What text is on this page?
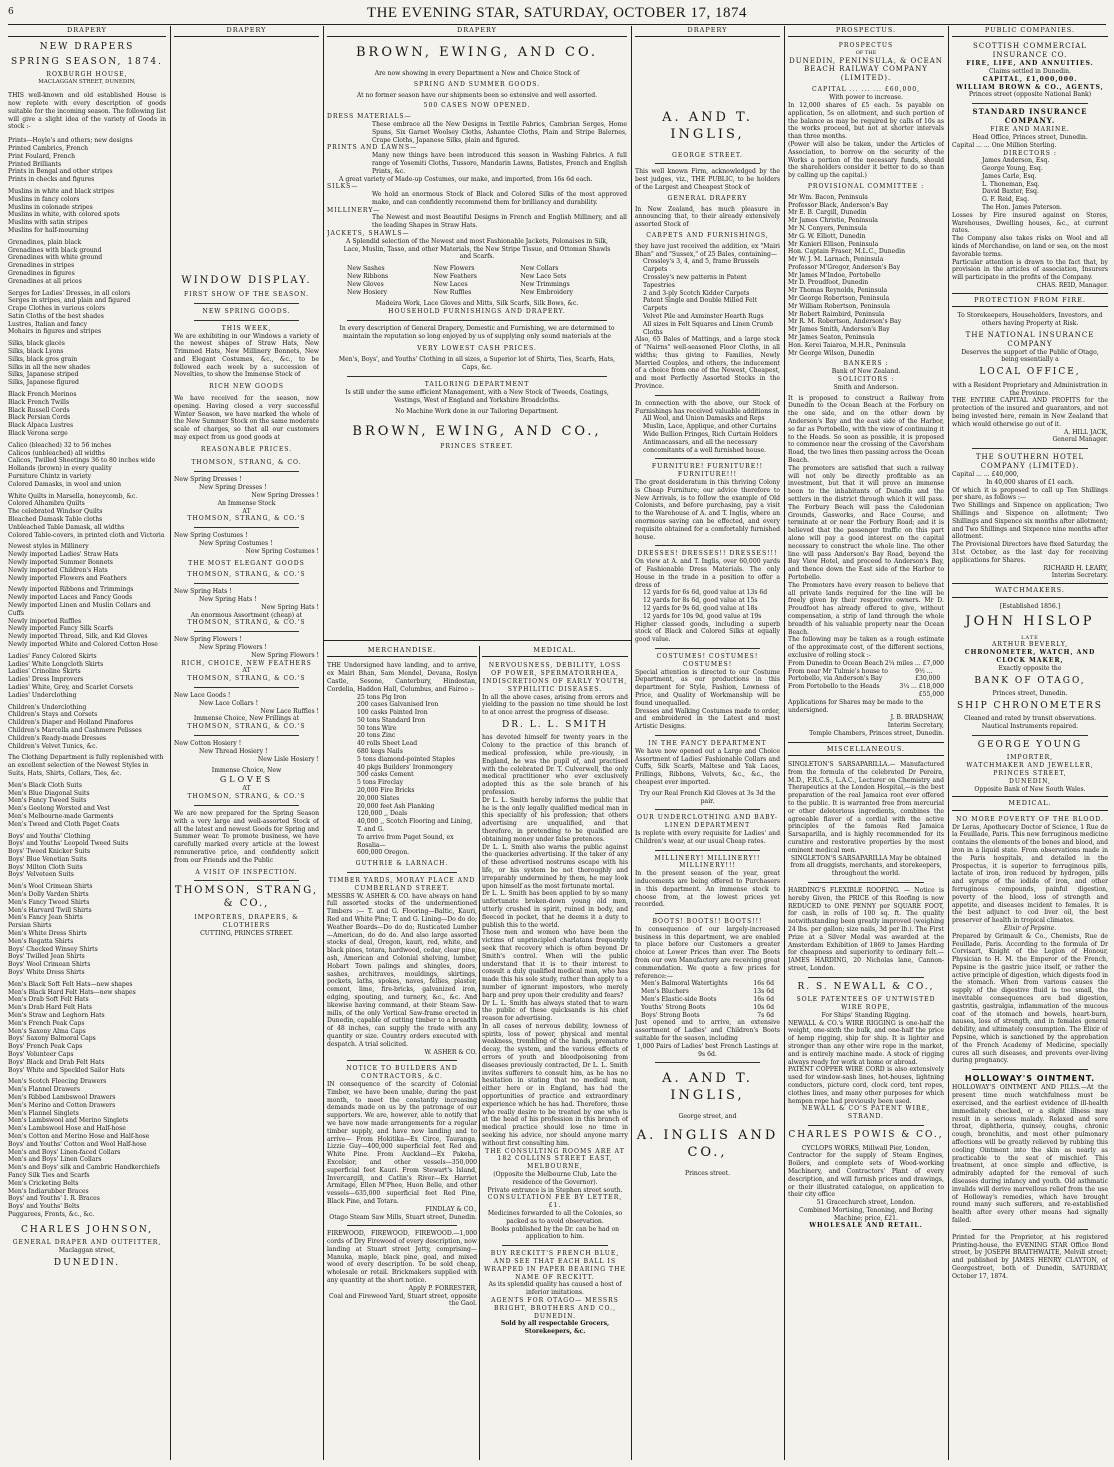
THE EVENING STAR, SATURDAY, OCTOBER 17, 1874
6
DRAPERY
NEW DRAPERS
SPRING SEASON, 1874.
ROXBURGH HOUSE,
MACLAGGAN STREET, DUNEDIN,

THIS well-known and old established House is now replete with every description of goods suitable for the incoming season. The following list will give a slight idea of the variety of Goods in stock :-

Prints—Hoyle's and others; new designs

Printed Cambrics, French

Print Foulard, French

Printed Brilliants

Prints in Bengal and other stripes

Prints in checks and figures

Muslins in white and black stripes

Muslins in fancy colors

Muslins in colonade stripes

Muslins in white, with colored spots

Muslins with satin stripes

Muslins for half-mourning

Grenadines, plain black

Grenadines with black ground

Grenadines with white ground

Grenadines in stripes

Grenadines in figures

Grenadines at all prices

Serges for Ladies' Dresses, in all colors

Serges in stripes, and plain and figured

Crape Clothes in various colors

Satin Cloths of the best shades

Lustres, Italian and fancy

Mohairs in figures and stripes

Silks, black glacés

Silks, black Lyons

Silks, black gros grain

Silks in all the new shades

Silks, Japanese striped

Silks, Japanese figured

Black French Merinos

Black French Twills

Black Russell Cords

Black Persian Cords

Black Alpaca Lustres

Black Verona serge

Calico (bleached) 32 to 56 inches

Calicos (unbleached) all widths

Calicos, Twilled Sheetings 36 to 80 inches wide

Hollands (brown) in every quality

Furniture Chintz in variety

Colored Damasks, in wool and union

White Quilts in Marsella, honeycomb, &c.

Colored Alhambra Quilts

The celebrated Windsor Quilts

Bleached Damask Table cloths

Unbleached Table Damask, all widths

Colored Table-covers, in printed cloth and Victoria

Newest styles in Millinery

Newly imported Ladies' Straw Hats

Newly imported Summer Bonnets

Newly imported Children's Hats

Newly imported Flowers and Feathers

Newly imported Ribbons and Trimmings

Newly imported Laces and Fancy Goods

Newly imported Linen and Muslin Collars and Cuffs

Newly imported Ruffles

Newly imported Fancy Silk Scarfs

Newly imported Thread, Silk, and Kid Gloves

Newly imported White and Colored Cotton Hose

Ladies' Fancy Colored Skirts

Ladies' White Longcloth Skirts

Ladies' Crinoline Skirts

Ladies' Dress Improvers

Ladies' White, Grey, and Scarlet Corsets

Ladies' Underclothing

Children's Underclothing

Children's Stays and Corsets

Children's Diaper and Holland Pinafores

Children's Marcella and Cashmere Pelisses

Children's Ready-made Dresses

Children's Velvet Tunics, &c.

The Clothing Department is fully replenished with an excellent selection of the Newest Styles in Suits, Hats, Shirts, Collars, Ties, &c.

Men's Black Cloth Suits

Men's Blue Diagonal Suits

Men's Fancy Tweed Suits

Men's Geelong Worsted and Vest

Men's Melbourne-made Garments

Men's Tweed and Cloth Paget Coats

Boys' and Youths' Clothing

Boys' and Youths' Leopold Tweed Suits

Boys' Tweed Knicker Suits

Boys' Blue Venetian Suits

Boys' Milton Cloth Suits

Boys' Velveteen Suits

Men's Wool Crimean Shirts

Men's Dolly Varden Shirts

Men's Fancy Tweed Shirts

Men's Harvard Twill Shirts

Men's Fancy Jean Shirts

Persian Shirts

Men's White Dress Shirts

Men's Regatta Shirts

Boys' Checked Winsey Shirts

Boys' Twilled Jean Shirts

Boys' Wool Crimean Shirts

Boys' White Dress Shirts

Men's Black Soft Felt Hats—new shapes

Men's Black Hard Felt Hats—new shapes

Men's Drab Soft Felt Hats

Men's Drab Hard Felt Hats

Men's Straw and Leghorn Hats

Men's French Peak Caps

Men's Saxony Alma Caps

Boys' Saxony Balmoral Caps

Boys' French Peak Caps

Boys' Volunteer Caps

Boys' Black and Drab Felt Hats

Boys' White and Speckled Sailor Hats

Men's Scotch Fleecing Drawers

Men's Flannel Drawers

Men's Ribbed Lambswool Drawers

Men's Merino and Cotton Drawers

Men's Flannel Singlets

Men's Lambswool and Merino Singlets

Men's Lambswool Hose and Half-hose

Men's Cotton and Merino Hose and Half-hose

Boys' and Youths' Cotton and Wool Half-hose

Men's and Boys' Linen-faced Collars

Men's and Boys' Linen Collars

Men's and Boys' silk and Cambric Handkerchiefs

Fancy Silk Ties and Scarfs

Men's Cricketing Belts

Men's Indiarubber Braces

Boys' and Youths' I. R. Braces

Boys' and Youths' Belts

Puggarees, Fronts, &c., &c.

CHARLES JOHNSON,
GENERAL DRAPER AND OUTFITTER,
Maclaggan street,
DUNEDIN.
DRAPERY
WINDOW DISPLAY.
FIRST SHOW OF THE SEASON.
NEW SPRING GOODS.
THIS WEEK,

We are exhibiting in our Windows a variety of the newest shapes of Straw Hats, New Trimmed Hats, New Millinery Bonnets, New and Elegant Costumes, &c., &c., to be followed each week by a succession of Novelties, to show the Immense Stock of

RICH NEW GOODS

We have received for the season, now opening. Having closed a very successful Winter Season, we have marked the whole of the New Summer Stock on the same moderate scale of charges, so that all our customers may expect from us good goods at

REASONABLE PRICES.
THOMSON, STRANG, & CO.

New Spring Dresses !

New Spring Dresses !

New Spring Dresses !

An Immense Stock
AT
THOMSON, STRANG, & CO.'S

New Spring Costumes !

New Spring Costumes !

New Spring Costumes !

THE MOST ELEGANT GOODS
THOMSON, STRANG, & CO.'S

New Spring Hats !

New Spring Hats !

New Spring Hats !

An enormous Assortment (cheap) at
THOMSON, STRANG, & CO.'S

New Spring Flowers !

New Spring Flowers !

New Spring Flowers !

RICH, CHOICE, NEW FEATHERS
AT
THOMSON, STRANG, & CO.'S

New Lace Goods !

New Lace Collars !

New Lace Ruffles !

Immense Choice, New Frillings at
THOMSON, STRANG, & CO.'S

New Cotton Hosiery !

New Thread Hosiery !

New Lisle Hosiery !

Immense Choice, New
GLOVES
AT
THOMSON, STRANG, & CO.'S

We are now prepared for the Spring Season with a very large and well-assorted Stock of all the latest and newest Goods for Spring and Summer wear. To promote business, we have carefully marked every article at the lowest remunerative price, and confidently solicit from our Friends and the Public

A VISIT OF INSPECTION.
THOMSON, STRANG, & CO.,
IMPORTERS, DRAPERS, & CLOTHIERS
CUTTING, PRINCES STREET.
DRAPERY
BROWN, EWING, AND CO.
Are now showing in every Department a New and Choice Stock of
SPRING AND SUMMER GOODS.
At no former season have our shipments been so extensive and well assorted.
500 CASES NOW OPENED.

DRESS MATERIALS—

These embrace all the New Designs in Textile Fabrics, Cambrian Serges, Home Spuns, Six Garnet Woolsey Cloths, Ashantee Cloths, Plain and Stripe Balernes, Crape Cloths, Japanese Silks, plain and figured.

PRINTS AND LAWNS—

Many new things have been introduced this season in Washing Fabrics. A full range of Yosemiti Cloths, Tussore, Mandarin Lawns, Batistes, French and English Prints, &c.

A great variety of Made-up Costumes, our make, and imported, from 16s 6d each.

SILKS—

We hold an enormous Stock of Black and Colored Silks of the most approved make, and can confidently recommend them for brilliancy and durability.

MILLINERY—

The Newest and most Beautiful Designs in French and English Millinery, and all the leading Shapes in Straw Hats.

JACKETS, SHAWLS—

A Splendid selection of the Newest and most Fashionable Jackets, Polonaises in Silk, Lace, Muslin, Tasso, and other Materials, the New Stripe Tissue, and Ottoman Shawls and Scarfs.

New Sashes	New Flowers	New Collars
New Ribbons	New Feathers	New Lace Sets
New Gloves	New Laces	New Trimmings
New Hosiery	New Ruffles	New Embroidery
Madeira Work, Lace Gloves and Mitts, Silk Scarfs, Silk Bows, &c.
HOUSEHOLD FURNISHINGS AND DRAPERY.

In every description of General Drapery, Domestic and Furnishing, we are determined to maintain the reputation so long enjoyed by us of supplying only sound materials at the

VERY LOWEST CASH PRICES.
Men's, Boys', and Youths' Clothing in all sizes, a Superior lot of Shirts, Ties, Scarfs, Hats, Caps, &c.
TAILORING DEPARTMENT
Is still under the same efficient Management, with a New Stock of Tweeds, Coatings, Vestings, West of England and Yorkshire Broadcloths.
No Machine Work done in our Tailoring Department.
BROWN, EWING, AND CO.,
PRINCES STREET.
MERCHANDISE.

THE Undersigned have landing, and to arrive, ex Mairi Bhan, Sam Mendel, Devana, Roslyn Castle, Sesone, Canterbury, Hindostan, Cordelia, Haddon Hall, Columbus, and Fairoo :-

25 tons Pig Iron

200 cases Galvanised Iron

100 casks Painted Iron

50 tons Standard Iron

50 tons Wire

20 tons Zinc

40 rolls Sheet Lead

680 kegs Nails

5 tons diamond-pointed Staples

40 pkgs Builders' Ironmongery

500 casks Cement

5 tons Fireclay

20,000 Fire Bricks

20,000 Slates

20,000 feet Ash Planking

120,000 ,, Deals

40,000 ,, Scotch Flooring and Lining, T. and G.

To arrive from Puget Sound, ex Rosalia—

600,000 Oregon.

GUTHRIE & LARNACH.
TIMBER YARDS, MORAY PLACE AND CUMBERLAND STREET.

MESSRS W. ASHER & CO. have always on hand full assorted stocks of the undermentioned Timbers :— T. and G. Flooring—Baltic, Kauri, Red and White Pine; T. and G. Lining—Do do do; Weather Boards—Do do do; Rusticated Lumber—American, do do do. And also large assorted stocks of deal, Oregon, kauri, red, white, and black pines, totara, hardwood, cedar, clear pine, ash, American and Colonial shelving, lumber, Hobart Town palings and shingles, doors, sashes, architraves, mouldings, skirtings, pockets, laths, spokes, naves, fellies, plaster, cement, lime, fire-bricks, galvanized iron, edging, spouting, and turnery, &c., &c. And likewise having command, at their Steam Saw-mills, of the only Vertical Saw-frame erected in Dunedin, capable of cutting timber to a breadth of 48 inches, can supply the trade with any quantity or size. Country orders executed with despatch. A trial solicited.

W. ASHER & CO.
NOTICE TO BUILDERS AND CONTRACTORS, &C.

IN consequence of the scarcity of Colonial Timber, we have been unable, during the past month, to meet the constantly increasing demands made on us by the patronage of our supporters. We are, however, able to notify that we have now made arrangements for a regular timber supply, and have now landing and to arrive— From Hokitika—Ex Circe, Tauranga, Lizzie Guy—400,000 superficial feet Red and White Pine. From Auckland—Ex Pakeha, Excelsior, and other vessels—350,000 superficial feet Kauri. From Stewart's Island, Invercargill, and Catlin's River—Ex Harriet Armitage, Ellen M'Phee, Huon Belle, and other vessels—635,000 superficial feet Red Pine, Black Pine, and Totara.

FINDLAY & CO.,
Otago Steam Saw Mills, Stuart street, Dunedin.

FIREWOOD, FIREWOOD, FIREWOOD.—1,000 cords of Dry Firewood of every description, now landing at Stuart street Jetty, comprising—Manuka, maple, black pine, goal, and mixed wood of every description. To be sold cheap, wholesale or retail. Brickmakers supplied with any quantity at the short notice.

Apply P. FORRESTER,
Coal and Firewood Yard, Stuart street, opposite the Gaol.
MEDICAL.
NERVOUSNESS, DEBILITY, LOSS OF POWER, SPERMATORRHŒA, INDISCRETIONS OF EARLY YOUTH, SYPHILITIC DISEASES.

In all the above cases, arising from errors and yielding to the passion no time should be lost to at once arrest the progress of disease.

DR. L. L. SMITH

has devoted himself for twenty years in the Colony to the practice of this branch of medical profession, while pre-viously, in England, he was the pupil of, and practised with the celebrated Dr. T. Culverwell, the only medical practitioner who ever exclusively adopted this as the sole branch of his profession.

Dr L. L. Smith hereby informs the public that he is the only legally qualified medical man in this speciality of his profession; that others advertising are unqualified, and that therefore, in pretending to be qualified are obtaining money under false pretences.

Dr L. L. Smith also warns the public against the quackeries advertising. If the taker of any of these advertised nostrums escape with his life, or his system be not thoroughly and irreparably undermined by them, he may look upon himself as the most fortunate mortal.

Dr L. L. Smith has been applied to by so many unfortunate broken-down young old men, utterly crushed in spirit, ruined in body, and fleeced in pocket, that he deems it a duty to publish this to the world.

Those men and women who have been the victims of unprincipled charlatans frequently seek that recovery which is often beyond Dr Smith's control. When will the public understand that it is to their interest to consult a duly qualified medical man, who has made this his sole study, rather than apply to a number of ignorant impostors, who merely harp and prey upon their credulity and fears?

Dr L. L. Smith has always stated that to warn the public of these quicksands is his chief reason for advertising.

In all cases of nervous debility, lowness of spirits, loss of power, physical and mental weakness, trembling of the hands, premature decay, the system, and the various effects of errors of youth and bloodpoisoning from diseases previously contracted, Dr L. L. Smith invites sufferers to consult him, as he has no hesitation in stating that no medical man, either here or in England, has had the opportunities of practice and extraordinary experience which he has had. Therefore, those who really desire to be treated by one who is at the head of his profession in this branch of medical practice should lose no time in seeking his advice, nor should anyone marry without first consulting him.

THE CONSULTING ROOMS ARE AT 182 COLLINS STREET EAST, MELBOURNE,
(Opposite the Melbourne Club, Late the residence of the Governor).
Private entrance is in Stephen street south.
CONSULTATION FEE BY LETTER, £1.
Medicines forwarded to all the Colonies, so packed as to avoid observation.
Books published by the Dr. can be had on application to him.
BUY RECKITT'S FRENCH BLUE, AND SEE THAT EACH BALL IS WRAPPED IN PAPER BEARING THE NAME OF RECKITT.
As its splendid quality has caused a host of inferior imitations.
AGENTS FOR OTAGO— MESSRS BRIGHT, BROTHERS AND CO., DUNEDIN.
Sold by all respectable Grocers, Storekeepers, &c.
DRAPERY
A. AND T. INGLIS,
GEORGE STREET.

This well known Firm, acknowledged by the best judges, viz., THE PUBLIC, to be holders of the Largest and Cheapest Stock of

GENERAL DRAPERY

In New Zealand, has much pleasure in announcing that, to their already extensively assorted Stock of

CARPETS AND FURNISHINGS,

they have just received the addition, ex "Mairi Bhan" and "Sussex," of 25 Bales, containing—

Crossley's 3, 4, and 5, frame Brussels Carpets

Crossley's new patterns in Patent Tapestries

2 and 3-ply Scotch Kidder Carpets

Patent Single and Double Milled Felt Carpets

Velvet Pile and Axminster Hearth Rugs

All sizes in Felt Squares and Linen Crumb Cloths

Also, 65 Bales of Mattings, and a large stock of "Nairns" well-seasoned Floor Cloths, in all widths; thus giving to Families, Newly Married Couples, and others, the inducement of a choice from one of the Newest, Cheapest, and most Perfectly Assorted Stocks in the Province.

In connection with the above, our Stock of Furnishings has received valuable additions in

All Wool, and Union Damasks and Reps

Muslin, Lace, Applique, and other Curtains

Wide Bullion Fringes, Rich Curtain Holders

Antimacassars, and all the necessary concomitants of a well furnished house.

FURNITURE! FURNITURE!! FURNITURE!!!

The great desideratum in this thriving Colony is Cheap Furniture; our advice therefore to New Arrivals, is to follow the example of Old Colonists, and before purchasing, pay a visit to the Warehouse of A. and T. Inglis, where an enormous saving can be effected, and every requisite obtained for a comfortably furnished house.

DRESSES! DRESSES!! DRESSES!!!

On view at A. and T. Inglis, over 60,000 yards of Fashionable Dress Materials. The only House in the trade in a position to offer a dress of

12 yards for 6s 6d, good value at 13s 6d

12 yards for 8s 6d, good value at 15s

12 yards for 9s 6d, good value at 18s

12 yards for 10s 9d, good value at 19s

Higher classed goods, including a superb stock of Black and Colored Silks at equally good value.

COSTUMES! COSTUMES! COSTUMES!

Special attention is directed to our Costume Department, as our productions in this department for Style, Fashion, Lowness of Price, and Quality of Workmanship will be found unequalled.

Dresses and Walking Costumes made to order, and embroidered in the Latest and most Artistic Designs.

IN THE FANCY DEPARTMENT

We have now opened out a Large and Choice Assortment of Ladies' Fashionable Collars and Cuffs, Silk Scarfs, Maltese and Yak Laces, Frillings, Ribbons, Velvets, &c., &c., the cheapest ever imported.

Try our Real French Kid Gloves at 3s 3d the pair.

OUR UNDERCLOTHING AND BABY-LINEN DEPARTMENT

Is replete with every requisite for Ladies' and Children's wear, at our usual Cheap rates.

MILLINERY! MILLINERY!! MILLINERY!!!

In the present season of the year, great inducements are being offered to Purchasers in this department. An immense stock to choose from, at the lowest prices yet recorded.

BOOTS! BOOTS!! BOOTS!!!

In consequence of our largely-increased business in this department, we are enabled to place before our Customers a greater choice at Lower Prices than ever. The Boots from our own Manufactory are receiving great commendation. We quote a few prices for reference:—

Men's Balmoral Watertights	16s 6d
Men's Bluchers	13s 6d
Men's Elastic-side Boots	16s 6d
Youths' Strong Boots	10s 6d
Boys' Strong Boots	7s 6d

Just opened and to arrive, an extensive assortment of Ladies' and Children's Boots suitable for the season, including

1,000 Pairs of Ladies' best French Lastings at 9s 6d.

A. AND T. INGLIS,
George street, and
A. INGLIS AND CO.,
Princes street.
PROSPECTUS.
PROSPECTUS
OF THE
DUNEDIN, PENINSULA, & OCEAN BEACH RAILWAY COMPANY (LIMITED).
CAPITAL ... ... ... £60,000,
With power to increase.

In 12,000 shares of £5 each. 5s payable on application, 5s on allotment, and such portion of the balance as may be required by calls of 10s as the works proceed, but not at shorter intervals than three months.

(Power will also be taken, under the Articles of Association, to borrow on the security of the Works a portion of the necessary funds, should the shareholders consider it better to do so than by calling up the capital.)

PROVISIONAL COMMITTEE :

Mr Wm. Bacon, Peninsula

Professor Black, Anderson's Bay

Mr E. B. Cargill, Dunedin

Mr James Christie, Peninsula

Mr N. Conyers, Peninsula

Mr G. W. Elliott, Dunedin

Mr Kanieri Ellison, Peninsula

Hon. Captain Fraser, M.L.C., Dunedin

Mr W. J. M. Larnach, Peninsula

Professor M'Gregor, Anderson's Bay

Mr James M'Indoe, Portobello

Mr D. Proudfoot, Dunedin

Mr Thomas Reynolds, Peninsula

Mr George Robertson, Peninsula

Mr William Robertson, Peninsula

Mr Robert Raimbird, Peninsula

Mr R. M. Robertson, Anderson's Bay

Mr James Smith, Anderson's Bay

Mr James Seaton, Peninsula

Hon. Kerei Taiaroa, M.H.R., Peninsula

Mr George Wilson, Dunedin

BANKERS :
Bank of New Zealand.
SOLICITORS :
Smith and Anderson.

It is proposed to construct a Railway from Dunedin to the Ocean Beach at the Forbury on the one side, and on the other down by Anderson's Bay and the east side of the Harbor, so far as Portobello, with the view of continuing it to the Heads. So soon as possible, it is proposed to commence near the crossing of the Caversham Road, the two lines then passing across the Ocean Beach.

The promoters are satisfied that such a railway will not only be directly profitable as an investment, but that it will prove an immense boon to the inhabitants of Dunedin and the settlers in the district through which it will pass. The Forbury Beach will pass the Caledonian Grounds, Gasworks, and Race Course, and terminate at or near the Forbury Road; and it is believed that the passenger traffic on this part alone will pay a good interest on the capital necessary to construct the whole line. The other line will pass Anderson's Bay Road, beyond the Bay View Hotel, and proceed to Anderson's Bay, and thence down the East side of the Harbor to Portobello.

The Promoters have every reason to believe that all private lands required for the line will be freely given by their respective owners. Mr D. Proudfoot has already offered to give, without compensation, a strip of land through the whole breadth of his valuable property near the Ocean Beach.

The following may be taken as a rough estimate of the approximate cost, of the different sections, exclusive of rolling stock :-

From Dunedin to Ocean Beach 2¼ miles ... £7,000
From near Mr Tulmie's house to Portobello, via Anderson's Bay
9½ ... £30,000
From Portobello to the Heads	3¼ ... £18,000
£55,000

Applications for Shares may be made to the undersigned.

J. B. BRADSHAW,
Interim Secretary,
Temple Chambers, Princes street, Dunedin.
MISCELLANEOUS.

SINGLETON'S SARSAPARILLA.— Manufactured from the formula of the celebrated Dr Pereira, M.D., F.R.C.S., L.A.C., Lecturer on Chemistry and Therapeutics at the London Hospital,—is the best preparation of the real Jamaica root ever offered to the public. It is warranted free from mercurial or other deleterious ingredients, combines the agreeable flavor of a cordial with the active principles of the famous Red Jamaica Sarsaparilla, and is highly recommended for its curative and restorative properties by the most eminent medical men.

SINGLETON'S SARSAPARILLA May be obtained from all druggists, merchants, and storekeepers, throughout the world.

HARDING'S FLEXIBLE ROOFING. — Notice is hereby Given, the PRICE of this Roofing is now REDUCED to ONE PENNY per SQUARE FOOT, for cash, in rolls of 100 sq. ft. The quality notwithstanding been greatly improved (weighing 24 lbs. per gallon; size nails, 3d per lb.). The First Prize at a Silver Medal was awarded at the Amsterdam Exhibition of 1869 to James Harding for cheapness and superiority to ordinary felt.—JAMES HARDING, 20 Nicholas lane, Cannon-street, London.

R. S. NEWALL & CO.,
SOLE PATENTEES OF UNTWISTED WIRE ROPE,
For Ships' Standing Rigging.

NEWALL & CO.'s WIRE RIGGING is one-half the weight, one-sixth the bulk, and one-half the price of hemp rigging, ship for ship. It is lighter and stronger than any other wire rope in the market, and is entirely machine made. A stock of rigging always ready for work at home or abroad.

PATENT COPPER WIRE CORD is also extensively used for window-sash lines, hot-houses, lightning conductors, picture cord, clock cord, tent ropes, clothes lines, and many other purposes for which hempen rope had previously been used.

NEWALL & CO'S PATENT WIRE, STRAND.
CHARLES POWIS & CO.,
CYCLOPS WORKS, Millwall Pier, London,

Contractor for the supply of Steam Engines, Boilers, and complete sets of Wood-working Machinery, and Contractors' Plant of every description, and will furnish prices and drawings, or their illustrated catalogue, on application to their city office

51 Gracechurch street, London.
Combined Mortising, Tenoning, and Boring Machine; price, £21.
WHOLESALE AND RETAIL.
PUBLIC COMPANIES.
SCOTTISH COMMERCIAL INSURANCE CO.
FIRE, LIFE, AND ANNUITIES.
Claims settled in Dunedin.
CAPITAL, £1,000,000.
WILLIAM BROWN & CO., AGENTS,
Princes street (opposite National Bank)
STANDARD INSURANCE COMPANY.
FIRE AND MARINE.
Head Office, Princes street, Dunedin.
Capital ... ... One Million Sterling.
DIRECTORS :

James Anderson, Esq.

George Young, Esq.

James Carle, Esq.

L. Thoneman, Esq.

David Baxter, Esq.

G. F. Reid, Esq.

The Hon. James Paterson.

Losses by Fire insured against on Stores, Warehouses, Dwelling houses, &c., at current rates.

The Company also takes risks on Wool and all kinds of Merchandise, on land or sea, on the most favorable terms.

Particular attention is drawn to the fact that, by provision in the articles of association, Insurers will participate in the profits of the Company.

CHAS. REID, Manager.
PROTECTION FROM FIRE.
To Storekeepers, Householders, Investors, and others having Property at Risk.
THE NATIONAL INSURANCE COMPANY
Deserves the support of the Public of Otago, being essentially a
LOCAL OFFICE,
with a Resident Proprietary and Administration in the Province.

THE ENTIRE CAPITAL AND PROFITS for the protection of the insured and guarantors, and not being invested here, remain in New Zealand that which would otherwise go out of it.

A. HILL JACK,
General Manager.
THE SOUTHERN HOTEL COMPANY (LIMITED).
Capital ... ... £40,000,
In 40,000 shares of £1 each.

Of which it is proposed to call up Ten Shillings per share, as follows :—

Two Shillings and Sixpence on application; Two Shillings and Sixpence on allotment; Two Shillings and Sixpence six months after allotment; and Two Shillings and Sixpence nine months after allotment.

The Provisional Directors have fixed Saturday, the 31st October, as the last day for receiving applications for Shares.

RICHARD H. LEARY,
Interim Secretary.
WATCHMAKERS.
[Established 1856.]
JOHN HISLOP
LATE
ARTHUR BEVERLY,
CHRONOMETER, WATCH, AND CLOCK MAKER,
Exactly opposite the
BANK OF OTAGO,
Princes street, Dunedin.
SHIP CHRONOMETERS
Cleaned and rated by transit observations. Nautical Instruments repaired.
GEORGE YOUNG
IMPORTER,
WATCHMAKER AND JEWELLER,
PRINCES STREET,
DUNEDIN,
Opposite Bank of New South Wales.
MEDICAL.
NO MORE POVERTY OF THE BLOOD.

Dr Leras, Apothecary Doctor of Science, 1 Rue de la Feuillade, Paris. This new ferruginous medicine contains the elements of the bones and blood, and iron in a liquid state. From observations made in the Paris hospitals, and detailed in the Prospectus, it is superior to ferruginous pills, lactate of iron, iron reduced by hydrogen, pills and syrups of the iodide of iron, and other ferruginous compounds, painful digestion, poverty of the blood, loss of strength and appetite, and diseases incident to females. It is the best adjunct to cod liver oil, the best preserver of health in tropical climates.

Elixir of Pepsine.

Prepared by Grimault & Co., Chemists, Rue de Feuillade, Paris. According to the formula of Dr Corvisart, Knight of the Legion of Honour, Physician to H. M. the Emperor of the French, Pepsine is the gastric juice itself, or rather the active principle of digestion, which digests food in the stomach. When from various causes the supply of the digestive fluid is too small, the inevitable consequences are bad digestion, gastritis, gastralgia, inflammation of the mucous coat of the stomach and bowels, heart-burn, nausea, loss of strength, and in females general debility, and ultimately consumption. The Elixir of Pepsine, which is sanctioned by the approbation of the French Academy of Medicine, specially cures all such diseases, and prevents over-living during pregnancy.

HOLLOWAY'S OINTMENT.

HOLLOWAY'S OINTMENT AND PILLS.—At the present time much watchfulness must be exercised, and the earliest evidence of ill-health immediately checked, or a slight illness may result in a serious malady. Relaxed and sore throat, diphtheria, quinsey, coughs, chronic cough, bronchitis, and most other pulmonary affections will be greatly relieved by rubbing this cooling Ointment into the skin as nearly as practicable to the seat of mischief. This treatment, at once simple and effective, is admirably adapted for the removal of such diseases during infancy and youth. Old asthmatic invalids will derive marvellous relief from the use of Holloway's remedies, which have brought round many such sufferers, and re-established health after every other means had signally failed.

Printed for the Proprietor, at his registered Printing-house, the EVENING STAR Office Bond street, by JOSEPH BRAITHWAITE, Melvill street; and published by JAMES HENRY CLAYTON, of Georgestreet, both of Dunedin, SATURDAY, October 17, 1874.
